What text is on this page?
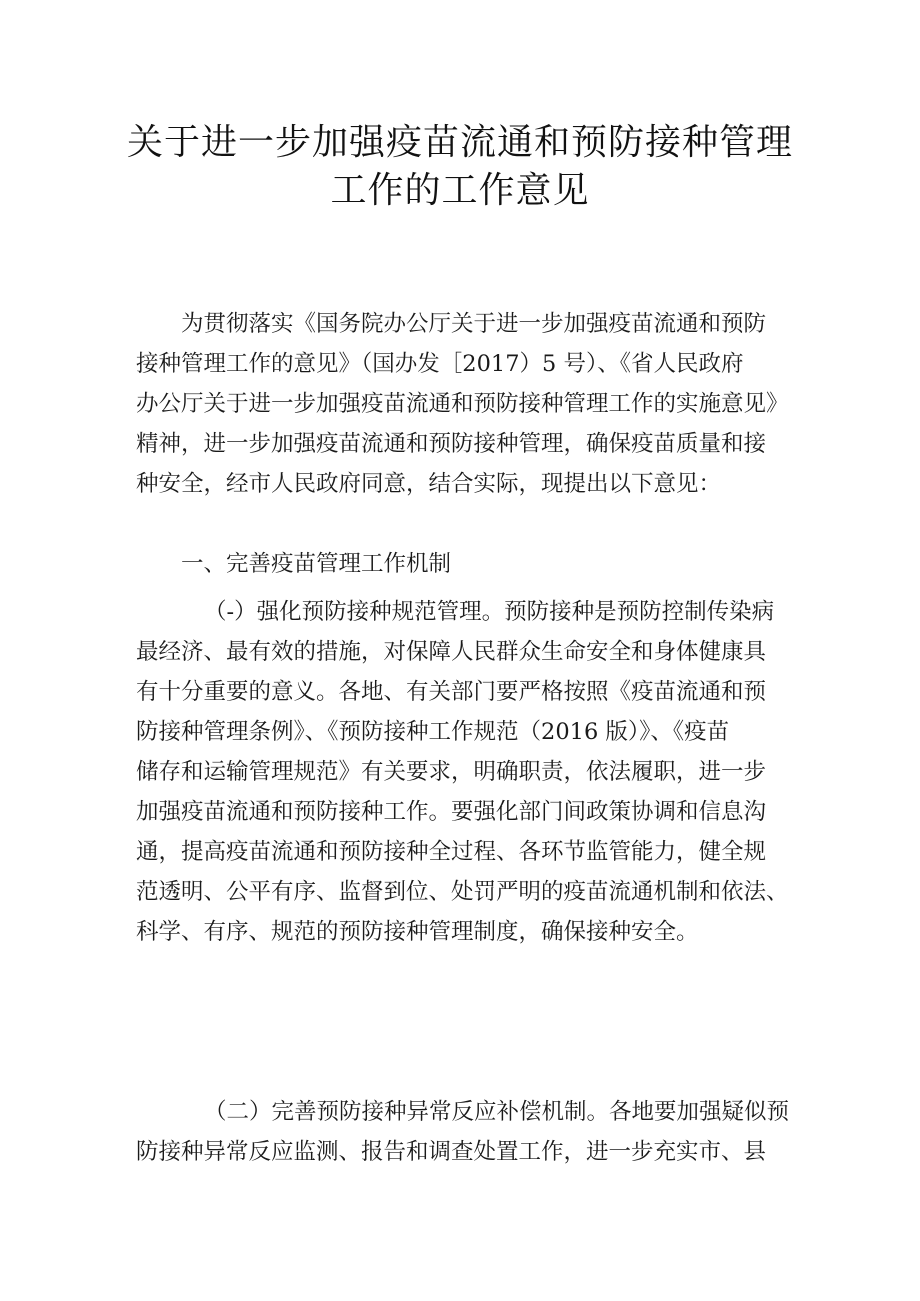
关于进一步加强疫苗流通和预防接种管理
工作的工作意见
为贯彻落实《国务院办公厅关于进一步加强疫苗流通和预防
接种管理工作的意见》（国办发［2017）5 号）、《省人民政府
办公厅关于进一步加强疫苗流通和预防接种管理工作的实施意见》
精神，进一步加强疫苗流通和预防接种管理，确保疫苗质量和接
种安全，经市人民政府同意，结合实际，现提出以下意见：
一、完善疫苗管理工作机制
（-）强化预防接种规范管理。预防接种是预防控制传染病
最经济、最有效的措施，对保障人民群众生命安全和身体健康具
有十分重要的意义。各地、有关部门要严格按照《疫苗流通和预
防接种管理条例》、《预防接种工作规范（2016 版）》、《疫苗
储存和运输管理规范》有关要求，明确职责，依法履职，进一步
加强疫苗流通和预防接种工作。要强化部门间政策协调和信息沟
通，提高疫苗流通和预防接种全过程、各环节监管能力，健全规
范透明、公平有序、监督到位、处罚严明的疫苗流通机制和依法、
科学、有序、规范的预防接种管理制度，确保接种安全。
（二）完善预防接种异常反应补偿机制。各地要加强疑似预
防接种异常反应监测、报告和调查处置工作，进一步充实市、县
